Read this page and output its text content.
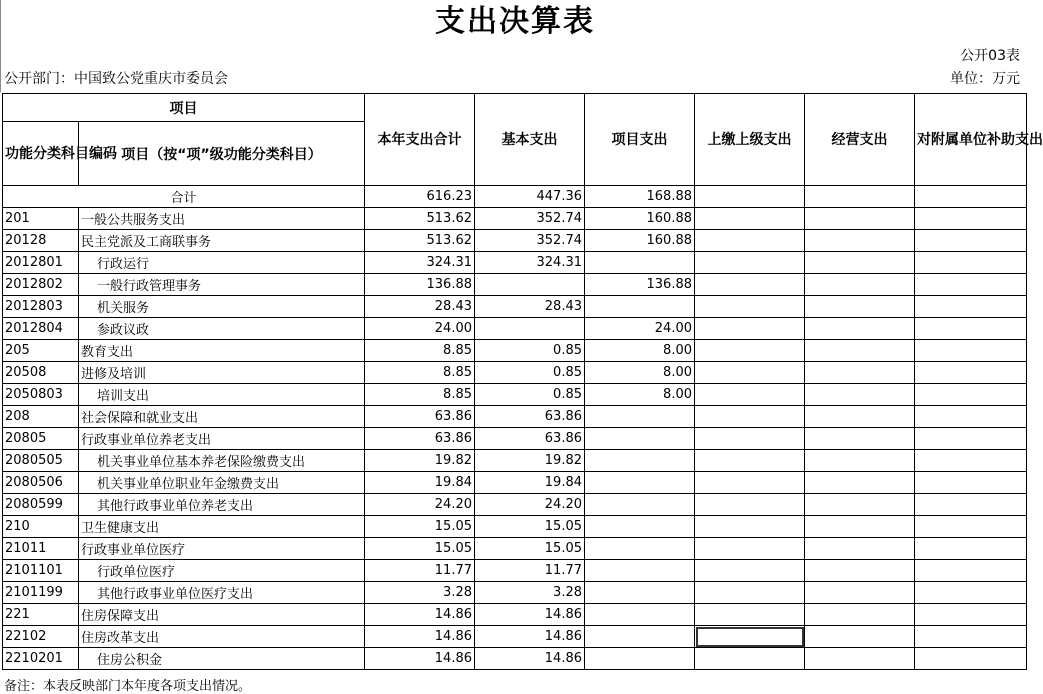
支出决算表
公开03表
公开部门：中国致公党重庆市委员会	单位：万元
项目		本年支出合计	基本支出	项目支出	上缴上级支出	经营支出	对附属单位补助支出
功能分类科目编码	项目（按“项”级功能分类科目）						
合计		616.23	447.36	168.88			
201	一般公共服务支出	513.62	352.74	160.88			
20128	民主党派及工商联事务	513.62	352.74	160.88			
2012801	行政运行	324.31	324.31				
2012802	一般行政管理事务	136.88		136.88			
2012803	机关服务	28.43	28.43				
2012804	参政议政	24.00		24.00			
205	教育支出	8.85	0.85	8.00			
20508	进修及培训	8.85	0.85	8.00			
2050803	培训支出	8.85	0.85	8.00			
208	社会保障和就业支出	63.86	63.86				
20805	行政事业单位养老支出	63.86	63.86				
2080505	机关事业单位基本养老保险缴费支出	19.82	19.82				
2080506	机关事业单位职业年金缴费支出	19.84	19.84				
2080599	其他行政事业单位养老支出	24.20	24.20				
210	卫生健康支出	15.05	15.05				
21011	行政事业单位医疗	15.05	15.05				
2101101	行政单位医疗	11.77	11.77				
2101199	其他行政事业单位医疗支出	3.28	3.28				
221	住房保障支出	14.86	14.86				
22102	住房改革支出	14.86	14.86				
2210201	住房公积金	14.86	14.86				
备注：本表反映部门本年度各项支出情况。
